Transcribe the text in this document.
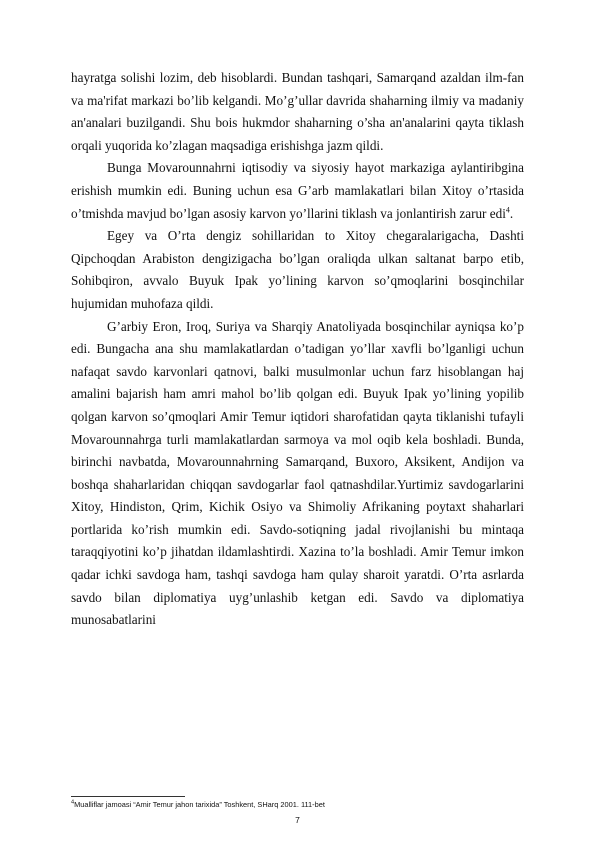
hayratga solishi lozim, deb hisoblardi. Bundan tashqari, Samarqand azaldan ilm-fan va ma'rifat markazi bo’lib kelgandi. Mo’g’ullar davrida shaharning ilmiy va madaniy an'analari buzilgandi. Shu bois hukmdor shaharning o’sha an'analarini qayta tiklash orqali yuqorida ko’zlagan maqsadiga erishishga jazm qildi.

Bunga Movarounnahrni iqtisodiy va siyosiy hayot markaziga aylantiribgina erishish mumkin edi. Buning uchun esa G’arb mamlakatlari bilan Xitoy o’rtasida o’tmishda mavjud bo’lgan asosiy karvon yo’llarini tiklash va jonlantirish zarur edi$^4$.

Egey va O’rta dengiz sohillaridan to Xitoy chegaralarigacha, Dashti Qipchoqdan Arabiston dengizigacha bo’lgan oraliqda ulkan saltanat barpo etib, Sohibqiron, avvalo Buyuk Ipak yo’lining karvon so’qmoqlarini bosqinchilar hujumidan muhofaza qildi.

G’arbiy Eron, Iroq, Suriya va Sharqiy Anatoliyada bosqinchilar ayniqsa ko’p edi. Bungacha ana shu mamlakatlardan o’tadigan yo’llar xavfli bo’lganligi uchun nafaqat savdo karvonlari qatnovi, balki musulmonlar uchun farz hisoblangan haj amalini bajarish ham amri mahol bo’lib qolgan edi. Buyuk Ipak yo’lining yopilib qolgan karvon so’qmoqlari Amir Temur iqtidori sharofatidan qayta tiklanishi tufayli Movarounnahrga turli mamlakatlardan sarmoya va mol oqib kela boshladi. Bunda, birinchi navbatda, Movarounnahrning Samarqand, Buxoro, Aksikent, Andijon va boshqa shaharlaridan chiqqan savdogarlar faol qatnashdilar.Yurtimiz savdogarlarini Xitoy, Hindiston, Qrim, Kichik Osiyo va Shimoliy Afrikaning poytaxt shaharlari portlarida ko’rish mumkin edi. Savdo-sotiqning jadal rivojlanishi bu mintaqa taraqqiyotini ko’p jihatdan ildamlashtirdi. Xazina to’la boshladi. Amir Temur imkon qadar ichki savdoga ham, tashqi savdoga ham qulay sharoit yaratdi. O’rta asrlarda savdo bilan diplomatiya uyg’unlashib ketgan edi. Savdo va diplomatiya munosabatlarini

$^4$Mualliflar jamoasi “Amir Temur jahon tarixida” Toshkent, SHarq 2001. 111-bet
7
